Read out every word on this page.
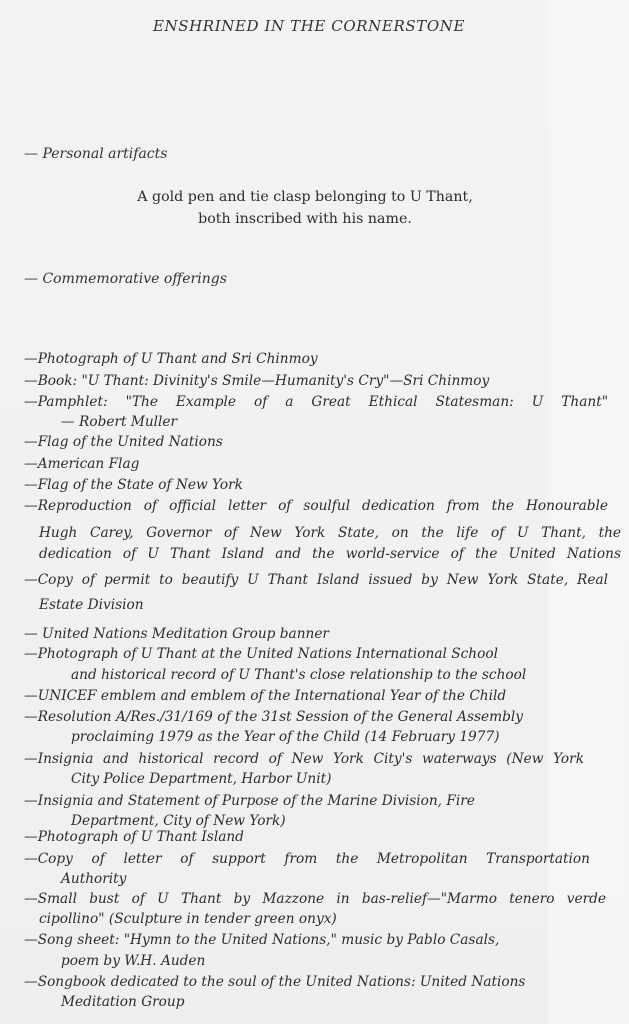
ENSHRINED IN THE CORNERSTONE
— Personal artifacts
A gold pen and tie clasp belonging to U Thant,
both inscribed with his name.
— Commemorative offerings
—Photograph of U Thant and Sri Chinmoy
—Book: "U Thant: Divinity's Smile—Humanity's Cry"—Sri Chinmoy
—Pamphlet: "The Example of a Great Ethical Statesman: U Thant"
— Robert Muller
—Flag of the United Nations
—American Flag
—Flag of the State of New York
—Reproduction of official letter of soulful dedication from the Honourable
Hugh Carey, Governor of New York State, on the life of U Thant, the
dedication of U Thant Island and the world-service of the United Nations
—Copy of permit to beautify U Thant Island issued by New York State, Real
Estate Division
— United Nations Meditation Group banner
—Photograph of U Thant at the United Nations International School
and historical record of U Thant's close relationship to the school
—UNICEF emblem and emblem of the International Year of the Child
—Resolution A/Res./31/169 of the 31st Session of the General Assembly
proclaiming 1979 as the Year of the Child (14 February 1977)
—Insignia and historical record of New York City's waterways (New York
City Police Department, Harbor Unit)
—Insignia and Statement of Purpose of the Marine Division, Fire
Department, City of New York)
—Photograph of U Thant Island
—Copy of letter of support from the Metropolitan Transportation
Authority
—Small bust of U Thant by Mazzone in bas-relief—"Marmo tenero verde
cipollino" (Sculpture in tender green onyx)
—Song sheet: "Hymn to the United Nations," music by Pablo Casals,
poem by W.H. Auden
—Songbook dedicated to the soul of the United Nations: United Nations
Meditation Group
